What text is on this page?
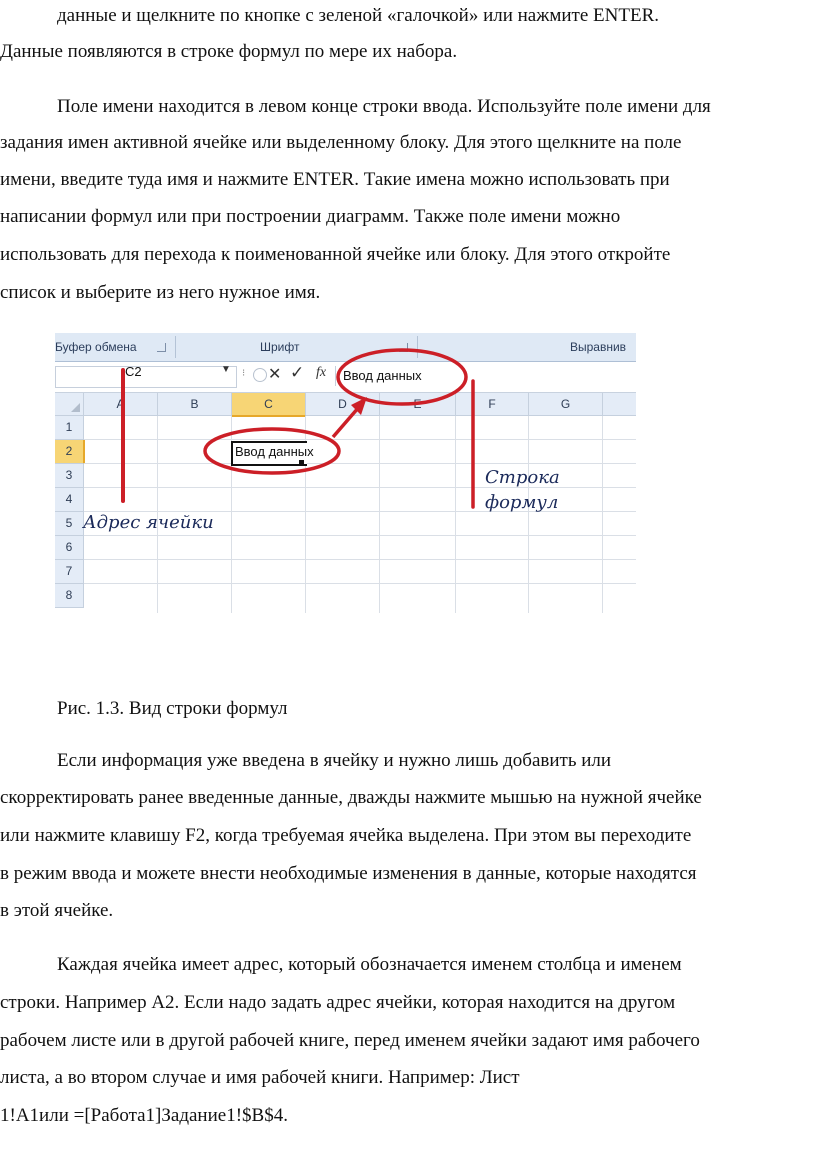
данные и щелкните по кнопке с зеленой «галочкой» или нажмите ENTER.
Данные появляются в строке формул по мере их набора.
Поле имени находится в левом конце строки ввода. Используйте поле имени для
задания имен активной ячейке или выделенному блоку. Для этого щелкните на поле
имени, введите туда имя и нажмите ENTER. Такие имена можно использовать при
написании формул или при построении диаграмм. Также поле имени можно
использовать для перехода к поименованной ячейке или блоку. Для этого откройте
список и выберите из него нужное имя.
Буфер обмена	Шрифт	Выравнив
C2	▼ ⁝ ✕ ✓ fx Ввод данных
A	B	C	D	E	F	G
1
2
3
4
5
6
7
8
Ввод данных
Адрес ячейки
Строка
формул
Рис. 1.3. Вид строки формул
Если информация уже введена в ячейку и нужно лишь добавить или
скорректировать ранее введенные данные, дважды нажмите мышью на нужной ячейке
или нажмите клавишу F2, когда требуемая ячейка выделена. При этом вы переходите
в режим ввода и можете внести необходимые изменения в данные, которые находятся
в этой ячейке.
Каждая ячейка имеет адрес, который обозначается именем столбца и именем
строки. Например А2. Если надо задать адрес ячейки, которая находится на другом
рабочем листе или в другой рабочей книге, перед именем ячейки задают имя рабочего
листа, а во втором случае и имя рабочей книги. Например: Лист
1!А1или =[Работа1]Задание1!$В$4.
